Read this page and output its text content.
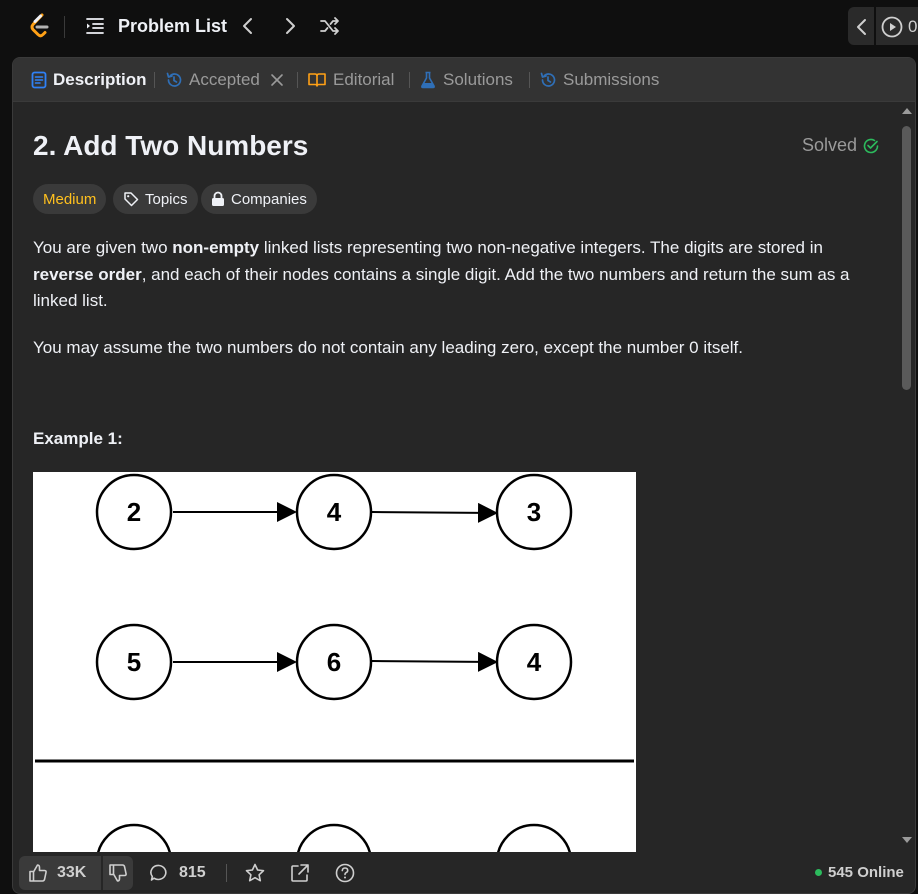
Problem List	0
Description Accepted	Editorial	Solutions	Submissions
2. Add Two Numbers	Solved
Medium	Topics	Companies

You are given two non-empty linked lists representing two non-negative integers. The digits are stored in reverse order, and each of their nodes contains a single digit. Add the two numbers and return the sum as a linked list.

You may assume the two numbers do not contain any leading zero, except the number 0 itself.

Example 1:
2	4	3
5	6	4
33K	815	545 Online
